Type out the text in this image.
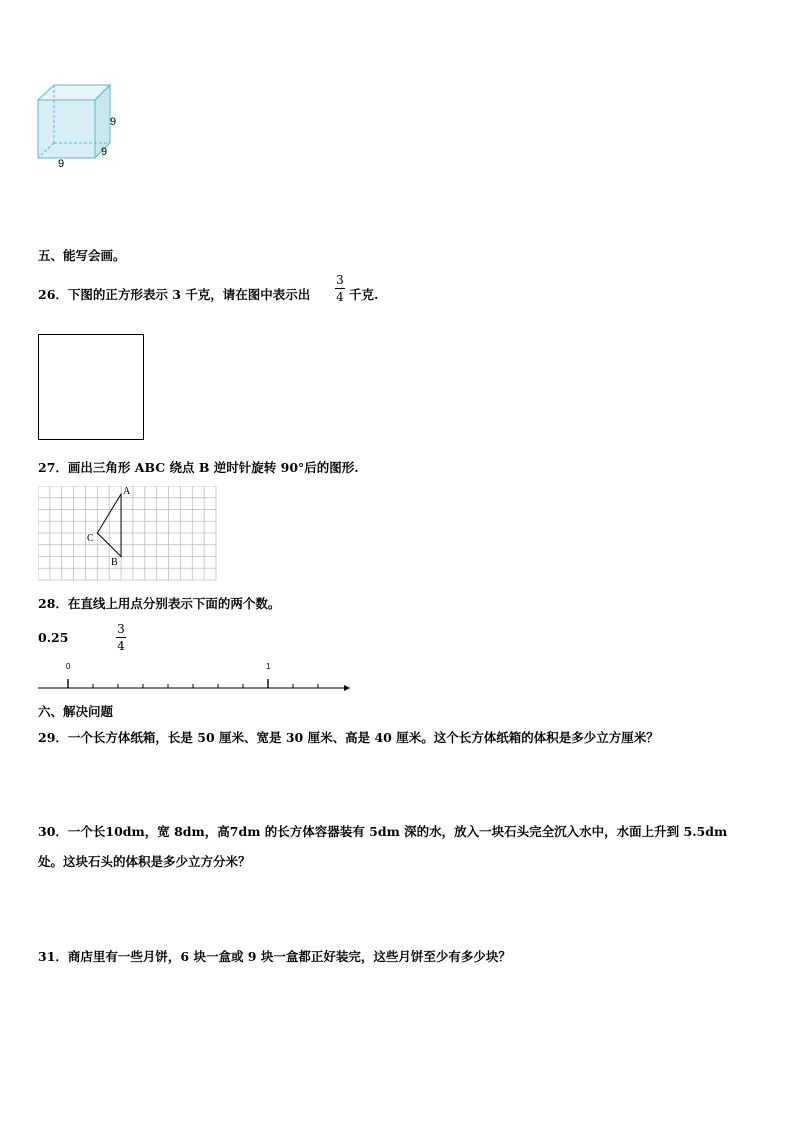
9
9
9
五、能写会画。
26．下图的正方形表示 3 千克，请在图中表示出
3
4 千克.
27．画出三角形 ABC 绕点 B 逆时针旋转 90°后的图形.
A
C
B
28．在直线上用点分别表示下面的两个数。
0.25
3
4
0	1
六、解决问题
29．一个长方体纸箱，长是 50 厘米、宽是 30 厘米、高是 40 厘米。这个长方体纸箱的体积是多少立方厘米？
30．一个长10dm，宽 8dm，高7dm 的长方体容器装有 5dm 深的水，放入一块石头完全沉入水中，水面上升到 5.5dm
处。这块石头的体积是多少立方分米？
31．商店里有一些月饼，6 块一盒或 9 块一盒都正好装完，这些月饼至少有多少块？
